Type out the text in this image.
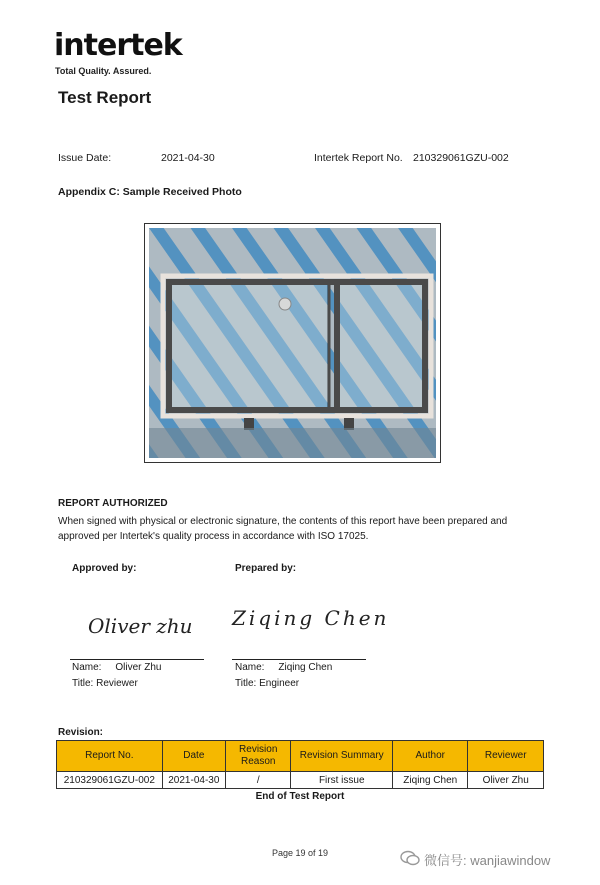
intertek
Total Quality. Assured.
Test Report
Issue Date:	2021-04-30	Intertek Report No. 210329061GZU-002
Appendix C: Sample Received Photo
REPORT AUTHORIZED
When signed with physical or electronic signature, the contents of this report have been prepared and approved per Intertek's quality process in accordance with ISO 17025.
Approved by:
Oliver zhu
Name: Oliver Zhu
Title: Reviewer
Prepared by:
Ziqing Chen
Name: Ziqing Chen
Title: Engineer
Revision:
Report No.	Date	Revision Reason	Revision Summary	Author	Reviewer
210329061GZU-002	2021-04-30	/	First issue	Ziqing Chen	Oliver Zhu
End of Test Report
Page 19 of 19	微信号: wanjiawindow
